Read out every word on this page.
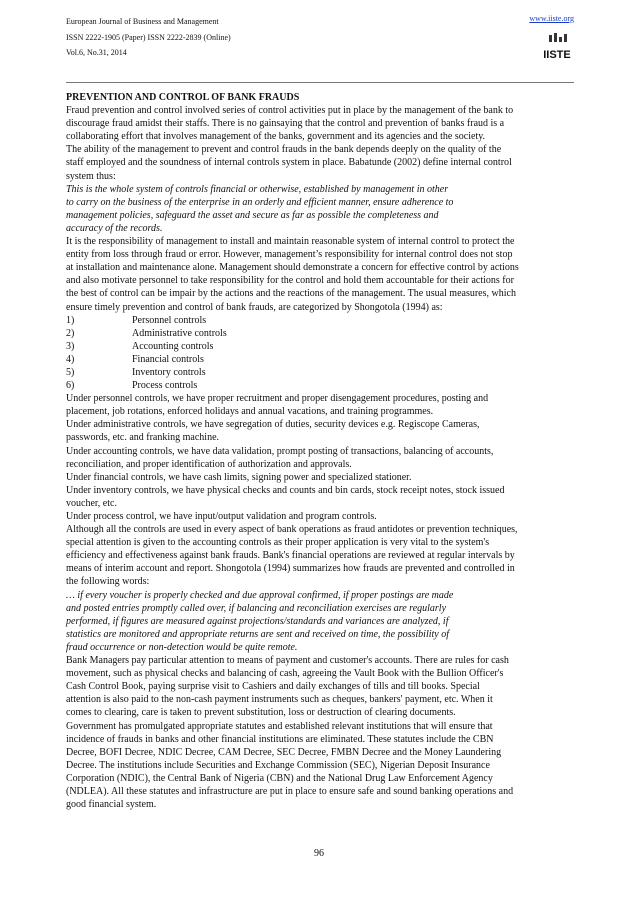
European Journal of Business and Management
ISSN 2222-1905 (Paper) ISSN 2222-2839 (Online)
Vol.6, No.31, 2014
www.iiste.org
IISTE
PREVENTION AND CONTROL OF BANK FRAUDS
Fraud prevention and control involved series of control activities put in place by the management of the bank to
discourage fraud amidst their staffs. There is no gainsaying that the control and prevention of banks fraud is a
collaborating effort that involves management of the banks, government and its agencies and the society.
The ability of the management to prevent and control frauds in the bank depends deeply on the quality of the
staff employed and the soundness of internal controls system in place. Babatunde (2002) define internal control
system thus:
This is the whole system of controls financial or otherwise, established by management in other
to carry on the business of the enterprise in an orderly and efficient manner, ensure adherence to
management policies, safeguard the asset and secure as far as possible the completeness and
accuracy of the records.
It is the responsibility of management to install and maintain reasonable system of internal control to protect the
entity from loss through fraud or error. However, management’s responsibility for internal control does not stop
at installation and maintenance alone. Management should demonstrate a concern for effective control by actions
and also motivate personnel to take responsibility for the control and hold them accountable for their actions for
the best of control can be impair by the actions and the reactions of the management. The usual measures, which
ensure timely prevention and control of bank frauds, are categorized by Shongotola (1994) as:
1)	Personnel controls
2)	Administrative controls
3)	Accounting controls
4)	Financial controls
5)	Inventory controls
6)	Process controls
Under personnel controls, we have proper recruitment and proper disengagement procedures, posting and
placement, job rotations, enforced holidays and annual vacations, and training programmes.
Under administrative controls, we have segregation of duties, security devices e.g. Regiscope Cameras,
passwords, etc. and franking machine.
Under accounting controls, we have data validation, prompt posting of transactions, balancing of accounts,
reconciliation, and proper identification of authorization and approvals.
Under financial controls, we have cash limits, signing power and specialized stationer.
Under inventory controls, we have physical checks and counts and bin cards, stock receipt notes, stock issued
voucher, etc.
Under process control, we have input/output validation and program controls.
Although all the controls are used in every aspect of bank operations as fraud antidotes or prevention techniques,
special attention is given to the accounting controls as their proper application is very vital to the system's
efficiency and effectiveness against bank frauds. Bank's financial operations are reviewed at regular intervals by
means of interim account and report. Shongotola (1994) summarizes how frauds are prevented and controlled in
the following words:
… if every voucher is properly checked and due approval confirmed, if proper postings are made
and posted entries promptly called over, if balancing and reconciliation exercises are regularly
performed, if figures are measured against projections/standards and variances are analyzed, if
statistics are monitored and appropriate returns are sent and received on time, the possibility of
fraud occurrence or non-detection would be quite remote.
Bank Managers pay particular attention to means of payment and customer's accounts. There are rules for cash
movement, such as physical checks and balancing of cash, agreeing the Vault Book with the Bullion Officer's
Cash Control Book, paying surprise visit to Cashiers and daily exchanges of tills and till books. Special
attention is also paid to the non-cash payment instruments such as cheques, bankers' payment, etc. When it
comes to clearing, care is taken to prevent substitution, loss or destruction of clearing documents.
Government has promulgated appropriate statutes and established relevant institutions that will ensure that
incidence of frauds in banks and other financial institutions are eliminated. These statutes include the CBN
Decree, BOFI Decree, NDIC Decree, CAM Decree, SEC Decree, FMBN Decree and the Money Laundering
Decree. The institutions include Securities and Exchange Commission (SEC), Nigerian Deposit Insurance
Corporation (NDIC), the Central Bank of Nigeria (CBN) and the National Drug Law Enforcement Agency
(NDLEA). All these statutes and infrastructure are put in place to ensure safe and sound banking operations and
good financial system.
96
